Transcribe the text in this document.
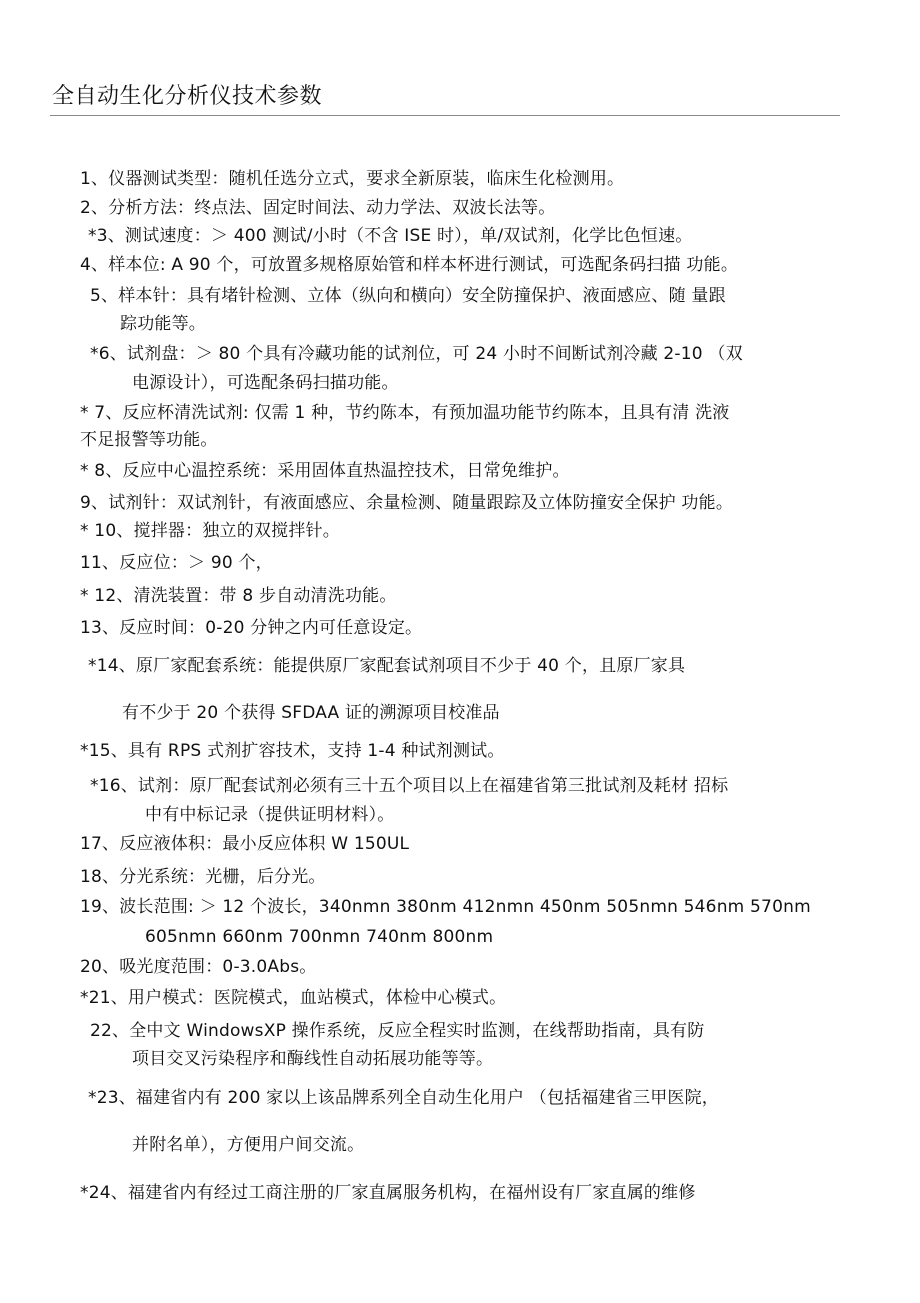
全自动生化分析仪技术参数
1、仪器测试类型：随机任选分立式，要求全新原装，临床生化检测用。
2、分析方法：终点法、固定时间法、动力学法、双波长法等。
*3、测试速度：＞ 400 测试/小时（不含 ISE 时），单/双试剂，化学比色恒速。
4、样本位: A 90 个，可放置多规格原始管和样本杯进行测试，可选配条码扫描 功能。
5、样本针：具有堵针检测、立体（纵向和横向）安全防撞保护、液面感应、随 量跟
踪功能等。
*6、试剂盘：＞ 80 个具有冷藏功能的试剂位，可 24 小时不间断试剂冷藏 2-10 （双
电源设计），可选配条码扫描功能。
* 7、反应杯清洗试剂: 仅需 1 种，节约陈本，有预加温功能节约陈本，且具有清 洗液
不足报警等功能。
* 8、反应中心温控系统：采用固体直热温控技术，日常免维护。
9、试剂针：双试剂针，有液面感应、余量检测、随量跟踪及立体防撞安全保护 功能。
* 10、搅拌器：独立的双搅拌针。
11、反应位：＞ 90 个，
* 12、清洗装置：带 8 步自动清洗功能。
13、反应时间：0-20 分钟之内可任意设定。
*14、原厂家配套系统：能提供原厂家配套试剂项目不少于 40 个，且原厂家具
有不少于 20 个获得 SFDAA 证的溯源项目校准品
*15、具有 RPS 式剂扩容技术，支持 1-4 种试剂测试。
*16、试剂：原厂配套试剂必须有三十五个项目以上在福建省第三批试剂及耗材 招标
中有中标记录（提供证明材料）。
17、反应液体积：最小反应体积 W 150UL
18、分光系统：光栅，后分光。
19、波长范围: ＞ 12 个波长，340nmn 380nm 412nmn 450nm 505nmn 546nm 570nm
605nmn 660nm 700nmn 740nm 800nm
20、吸光度范围：0-3.0Abs。
*21、用户模式：医院模式，血站模式，体检中心模式。
22、全中文 WindowsXP 操作系统，反应全程实时监测，在线帮助指南，具有防
项目交叉污染程序和酶线性自动拓展功能等等。
*23、福建省内有 200 家以上该品牌系列全自动生化用户 （包括福建省三甲医院，
并附名单），方便用户间交流。
*24、福建省内有经过工商注册的厂家直属服务机构，在福州设有厂家直属的维修
